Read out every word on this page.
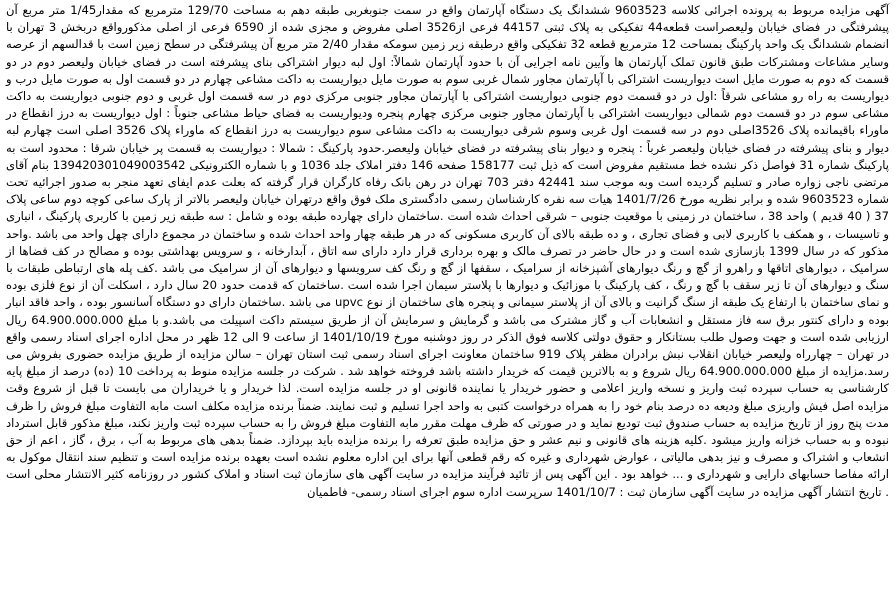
آگهی مزایده مربوط به پرونده اجرائی کلاسه 9603523 ششدانگ یک دستگاه آپارتمان واقع در سمت جنوبغربی طبقه دهم به مساحت 129/70 مترمربع که مقدار1/45 متر مربع آن پیشرفتگی در فضای خیابان ولیعصراست قطعه44 تفکیکی به پلاک ثبتی 44157 فرعی از3526 اصلی مفروض و مجزی شده از 6590 فرعی از اصلی مذکورواقع دربخش 3 تهران با انضمام ششدانگ یک واحد پارکینگ بمساحت 12 مترمربع قطعه 32 تفکیکی واقع درطبقه زیر زمین سومکه مقدار 2/40 متر مربع آن پیشرفتگی در سطح زمین است با قدالسهم از عرصه وسایر مشاعات ومشترکات طبق قانون تملک آپارتمان ها وآیین نامه اجرایی آن با حدود آپارتمان شمالاً: اول لبه دیوار اشتراکی بنای پیشرفته است در فضای خیابان ولیعصر دوم در دو قسمت که دوم به صورت مایل است دیواریست اشتراکی با آپارتمان مجاور شمال غربی سوم به صورت مایل دیواریست به داکت مشاعی چهارم در دو قسمت اول به صورت مایل درب و دیواریست به راه رو مشاعی شرقاً :اول در دو قسمت دوم جنوبی دیواریست اشتراکی با آپارتمان مجاور جنوبی مرکزی دوم در سه قسمت اول غربی و دوم جنوبی دیواریست به داکت مشاعی سوم در دو قسمت دوم شمالی دیواریست اشتراکی با آپارتمان مجاور جنوبی مرکزی چهارم پنجره ودیواریست به فضای حیاط مشاعی جنوباً : اول دیواریست به درز انقطاع در ماوراء باقیمانده پلاک 3526اصلی دوم در سه قسمت اول غربی وسوم شرقی دیواریست به داکت مشاعی سوم دیواریست به درز انقطاع که ماوراء پلاک 3526 اصلی است چهارم لبه دیوار و بنای پیشرفته در فضای خیابان ولیعصر غرباً : پنجره و دیوار بنای پیشرفته در فضای خیابان ولیعصر.حدود پارکینگ : شمالا : دیواریست به قسمت پر خیابان شرقا : محدود است به پارکینگ شماره 31 فواصل ذکر نشده خط مستقیم مفروض است که ذیل ثبت 158177 صفحه 146 دفتر املاک جلد 1036 و با شماره الکترونیکی 139420301049003542 بنام آقای مرتضی ناجی زواره صادر و تسلیم گردیده است وبه موجب سند 42441 دفتر 703 تهران در رهن بانک رفاه کارگران قرار گرفته که بعلت عدم ایفای تعهد منجر به صدور اجرائیه تحت شماره 9603523 شده و برابر نظریه مورخ 1401/7/26 هیات سه نفره کارشناسان رسمی دادگستری ملک فوق واقع درتهران خیابان ولیعصر بالاتر از پارک ساعی کوچه دوم ساعی پلاک 37 ( 40 قدیم ) واحد 38 ، ساختمان در زمینی با موقعیت جنوبی – شرقی احداث شده است .ساختمان دارای چهارده طبقه بوده و شامل : سه طبقه زیر زمین با کاربری پارکینگ ، انباری و تاسیسات ، و همکف با کاربری لابی و فضای تجاری ، و ده طبقه بالای آن کاربری مسکونی که در هر طبقه چهار واحد احداث شده و ساختمان در مجموع دارای چهل واحد می باشد .واحد مذکور که در سال 1399 بازسازی شده است و در حال حاضر در تصرف مالک و بهره برداری قرار دارد دارای سه اتاق ، آبدارخانه ، و سرویس بهداشتی بوده و مصالح در کف فضاها از سرامیک ، دیوارهای اتاقها و راهرو از گچ و رنگ دیوارهای آشپزخانه از سرامیک ، سقفها از گچ و رنگ کف سرویسها و دیوارهای آن از سرامیک می باشد .کف پله های ارتباطی طبقات با سنگ و دیوارهای آن تا زیر سقف با گچ و رنگ ، کف پارکینگ با موزائیک و دیوارها با پلاستر سیمان اجرا شده است .ساختمان که قدمت حدود 20 سال دارد ، اسکلت آن از نوع فلزی بوده و نمای ساختمان با ارتفاع یک طبقه از سنگ گرانیت و بالای آن از پلاستر سیمانی و پنجره های ساختمان از نوع upvc می باشد .ساختمان دارای دو دستگاه آسانسور بوده ، واحد فاقد انبار بوده و دارای کنتور برق سه فاز مستقل و انشعابات آب و گاز مشترک می باشد و گرمایش و سرمایش آن از طریق سیستم داکت اسپیلت می باشد.و با مبلغ 64.900.000.000 ریال ارزیابی شده است و جهت وصول طلب بستانکار و حقوق دولتی کلاسه فوق الذکر در روز دوشنبه مورخ 1401/10/19 از ساعت 9 الی 12 ظهر در محل اداره اجرای اسناد رسمی واقع در تهران – چهارراه ولیعصر خیابان انقلاب نبش برادران مظفر پلاک 919 ساختمان معاونت اجرای اسناد رسمی ثبت استان تهران – سالن مزایده از طریق مزایده حضوری بفروش می رسد.مزایده از مبلغ 64.900.000.000 ریال شروع و به بالاترین قیمت که خریدار داشته باشد فروخته خواهد شد . شرکت در جلسه مزایده منوط به پرداخت 10 (ده) درصد از مبلغ پایه کارشناسی به حساب سپرده ثبت واریز و نسخه واریز اعلامی و حضور خریدار یا نماینده قانونی او در جلسه مزایده است. لذا خریدار و یا خریداران می بایست تا قبل از شروع وقت مزایده اصل فیش واریزی مبلغ ودیعه ده درصد بنام خود را به همراه درخواست کتبی به واحد اجرا تسلیم و ثبت نمایند. ضمناً برنده مزایده مکلف است مابه التفاوت مبلغ فروش را ظرف مدت پنج روز از تاریخ مزایده به حساب صندوق ثبت تودیع نماید و در صورتی که ظرف مهلت مقرر مابه التفاوت مبلغ فروش را به حساب سپرده ثبت واریز نکند، مبلغ مذکور قابل استرداد نبوده و به حساب خزانه واریز میشود .کلیه هزینه های قانونی و نیم عشر و حق مزایده طبق تعرفه را برنده مزایده باید بپردازد. ضمناً بدهی های مربوط به آب ، برق ، گاز ، اعم از حق انشعاب و اشتراک و مصرف و نیز بدهی مالیاتی ، عوارض شهرداری و غیره که رقم قطعی آنها برای این اداره معلوم نشده است بعهده برنده مزایده است و تنظیم سند انتقال موکول به ارائه مفاصا حسابهای دارایی و شهرداری و ... خواهد بود . این آگهی پس از تائید فرآیند مزایده در سایت آگهی های سازمان ثبت اسناد و املاک کشور در روزنامه کثیر الانتشار محلی است . تاریخ انتشار آگهی مزایده در سایت آگهی سازمان ثبت : 1401/10/7 سرپرست اداره سوم اجرای اسناد رسمی- فاطمیان
